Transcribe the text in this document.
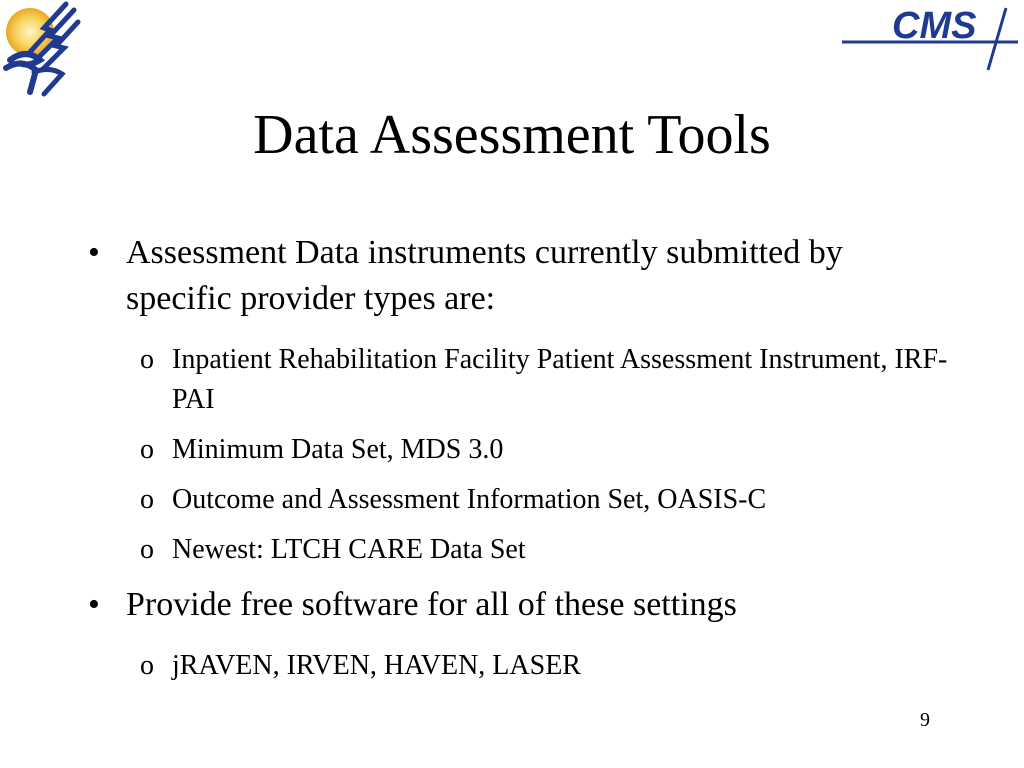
CMS
Data Assessment Tools
• Assessment Data instruments currently submitted by specific provider types are:

o Inpatient Rehabilitation Facility Patient Assessment Instrument, IRF-PAI

o Minimum Data Set, MDS 3.0

o Outcome and Assessment Information Set, OASIS-C

o Newest: LTCH CARE Data Set

• Provide free software for all of these settings

o jRAVEN, IRVEN, HAVEN, LASER

9
